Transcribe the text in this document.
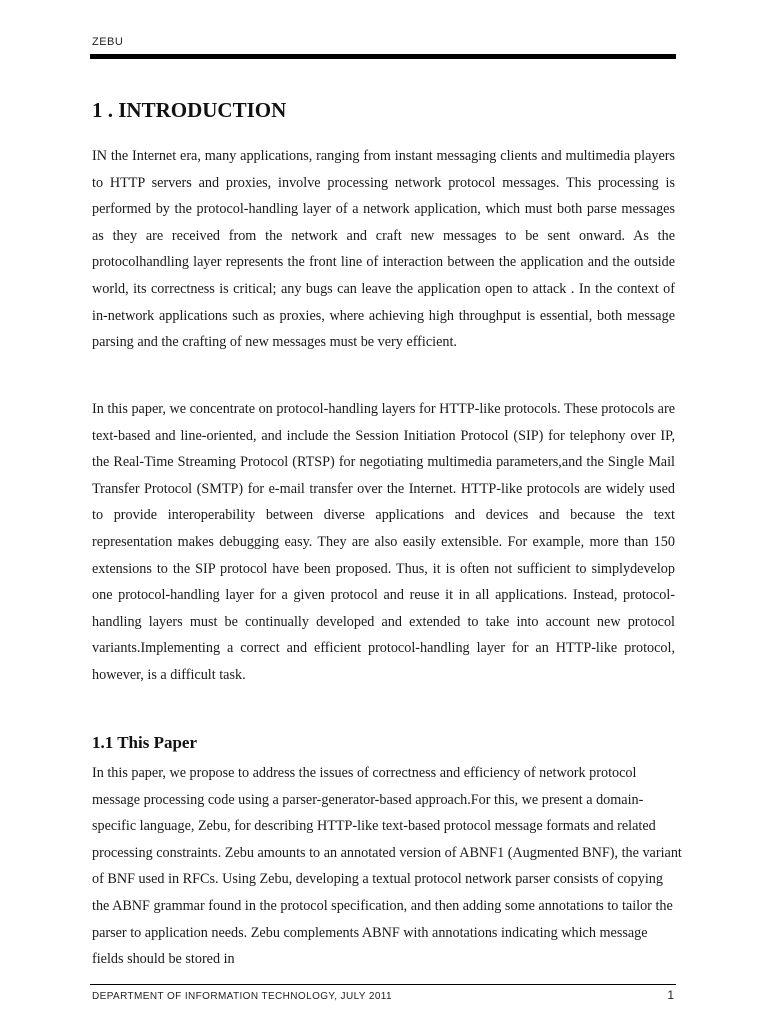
ZEBU
1 . INTRODUCTION

IN the Internet era, many applications, ranging from instant messaging clients and multimedia players to HTTP servers and proxies, involve processing network protocol messages. This processing is performed by the protocol-handling layer of a network application, which must both parse messages as they are received from the network and craft new messages to be sent onward. As the protocolhandling layer represents the front line of interaction between the application and the outside world, its correctness is critical; any bugs can leave the application open to attack . In the context of in-network applications such as proxies, where achieving high throughput is essential, both message parsing and the crafting of new messages must be very efficient.

In this paper, we concentrate on protocol-handling layers for HTTP-like protocols. These protocols are text-based and line-oriented, and include the Session Initiation Protocol (SIP) for telephony over IP, the Real-Time Streaming Protocol (RTSP) for negotiating multimedia parameters,and the Single Mail Transfer Protocol (SMTP) for e-mail transfer over the Internet. HTTP-like protocols are widely used to provide interoperability between diverse applications and devices and because the text representation makes debugging easy. They are also easily extensible. For example, more than 150 extensions to the SIP protocol have been proposed. Thus, it is often not sufficient to simplydevelop one protocol-handling layer for a given protocol and reuse it in all applications. Instead, protocol-handling layers must be continually developed and extended to take into account new protocol variants.Implementing a correct and efficient protocol-handling layer for an HTTP-like protocol, however, is a difficult task.

1.1 This Paper

In this paper, we propose to address the issues of correctness and efficiency of network protocol message processing code using a parser-generator-based approach.For this, we present a domain-specific language, Zebu, for describing HTTP-like text-based protocol message formats and related processing constraints. Zebu amounts to an annotated version of ABNF1 (Augmented BNF), the variant of BNF used in RFCs. Using Zebu, developing a textual protocol network parser consists of copying the ABNF grammar found in the protocol specification, and then adding some annotations to tailor the parser to application needs. Zebu complements ABNF with annotations indicating which message fields should be stored in

DEPARTMENT OF INFORMATION TECHNOLOGY, JULY 2011	1
